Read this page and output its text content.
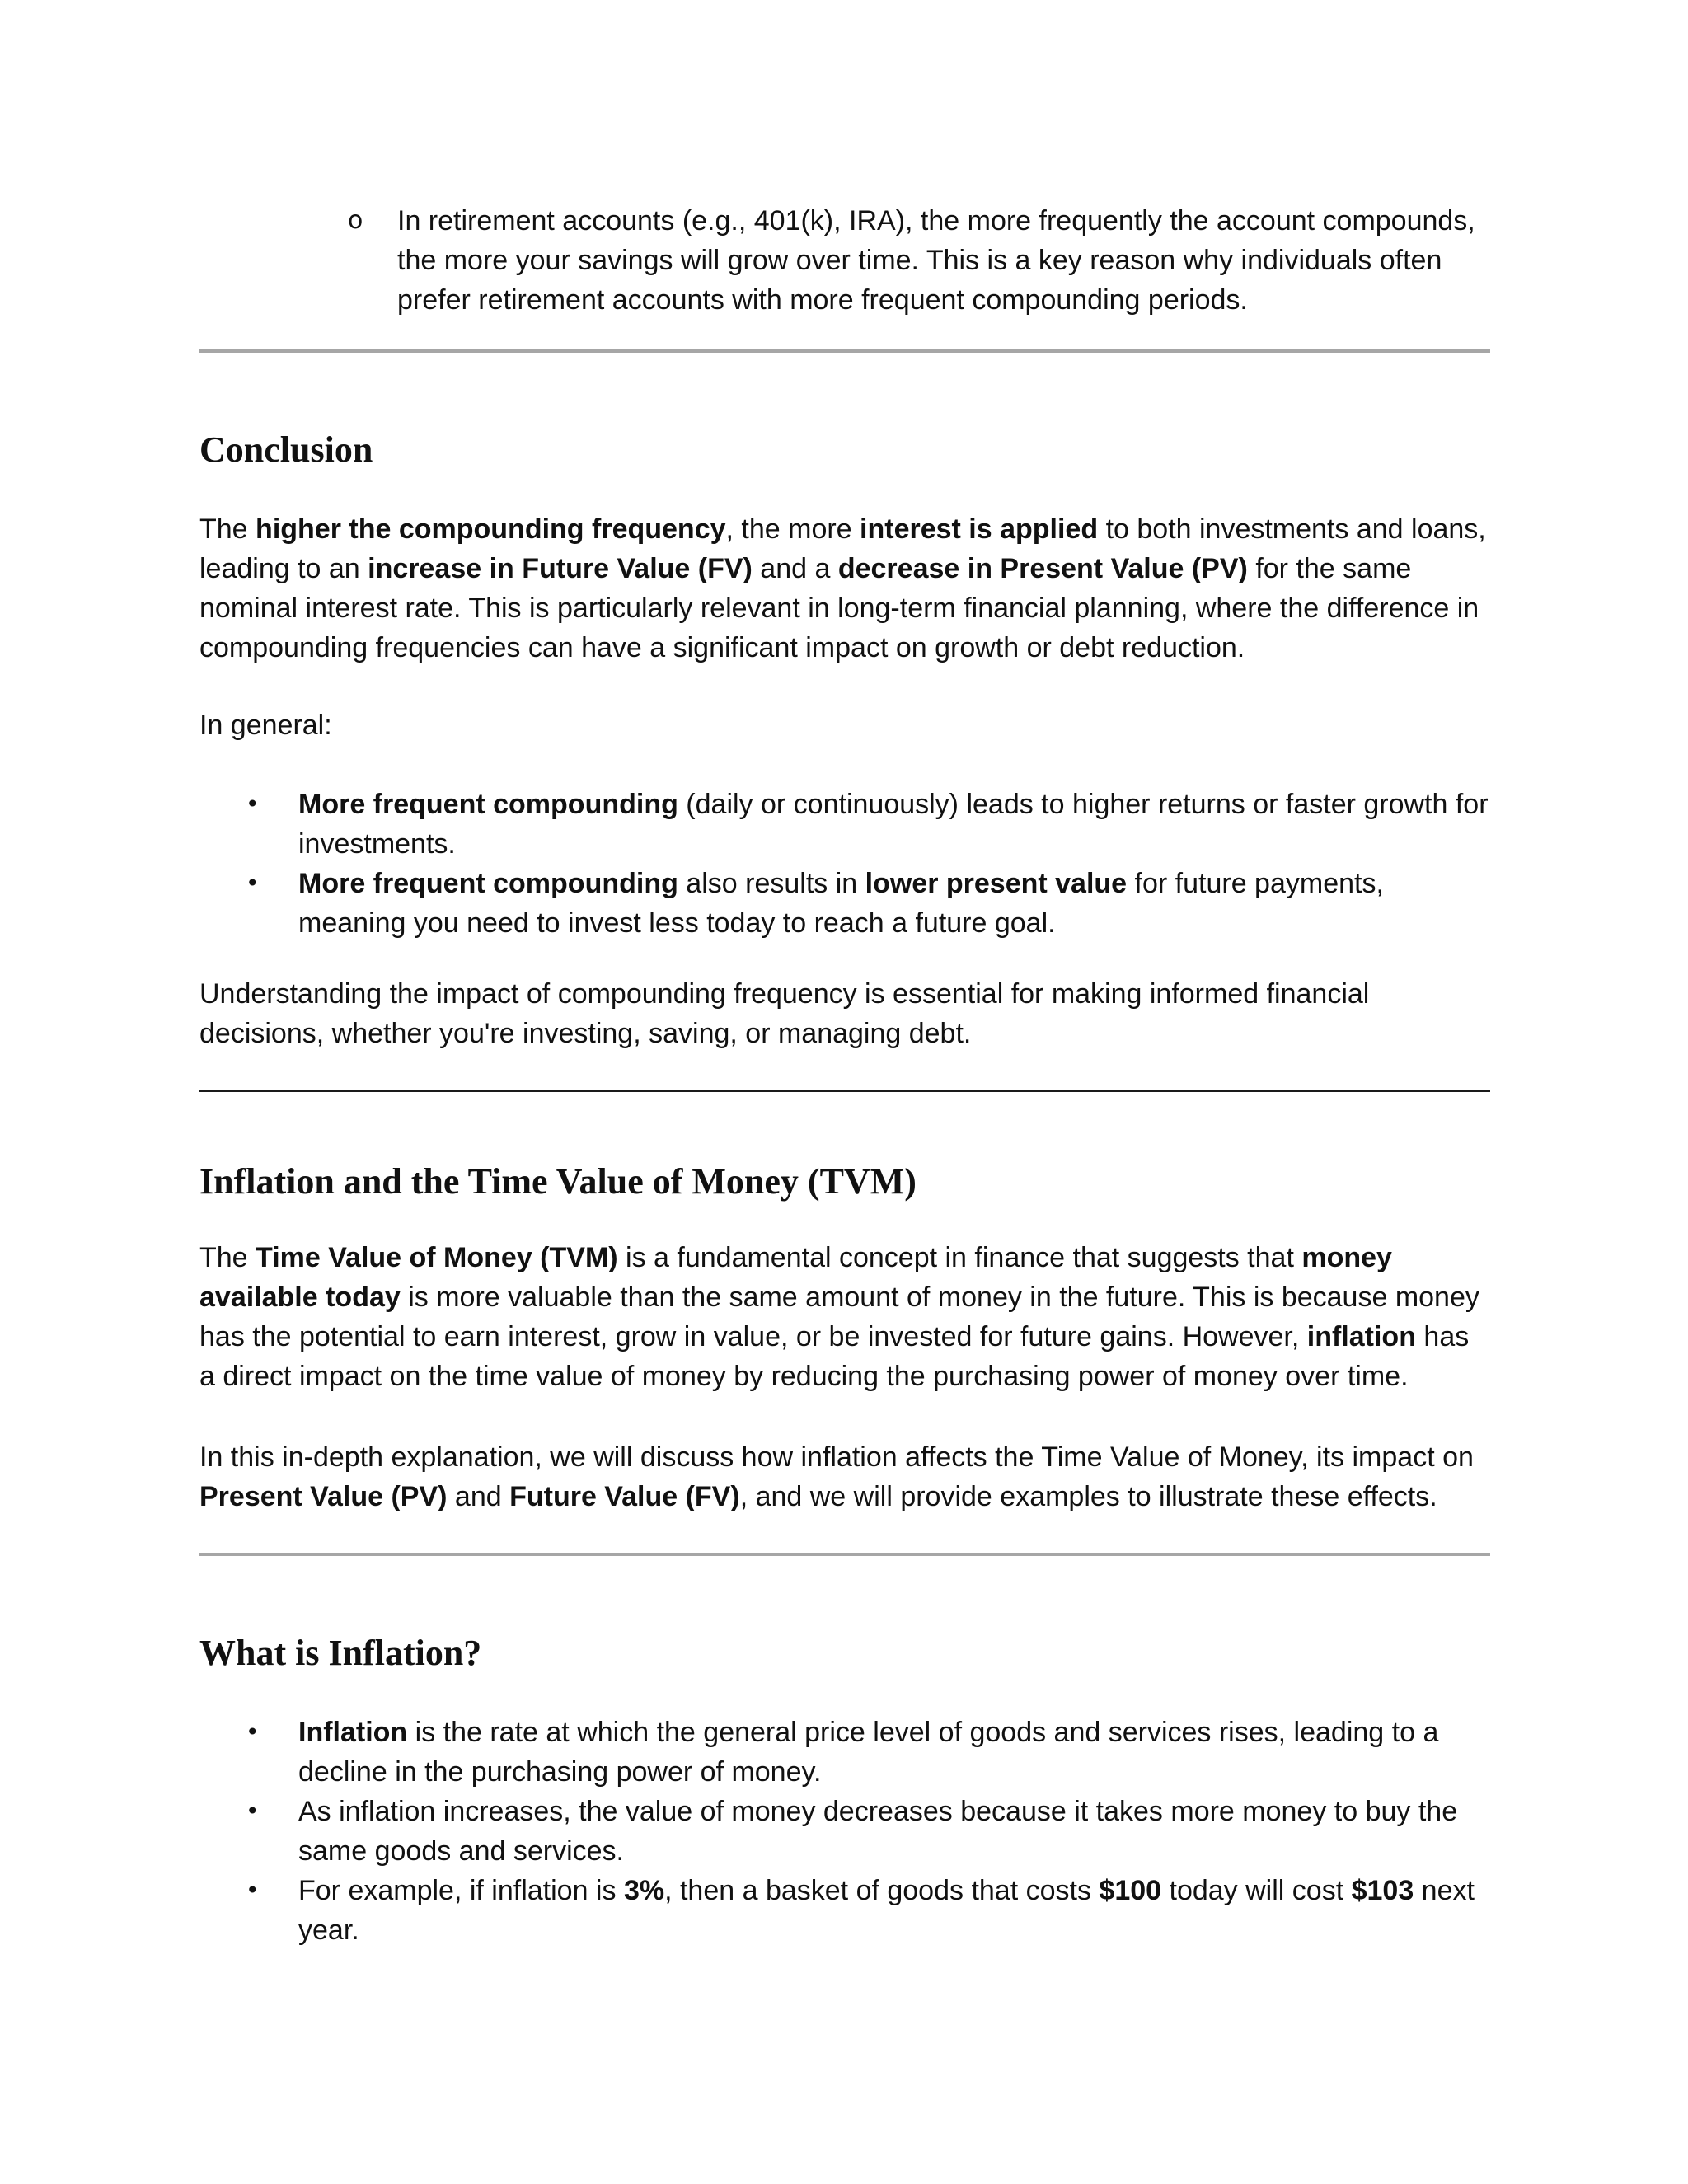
o In retirement accounts (e.g., 401(k), IRA), the more frequently the account compounds, the more your savings will grow over time. This is a key reason why individuals often prefer retirement accounts with more frequent compounding periods.
Conclusion

The higher the compounding frequency, the more interest is applied to both investments and loans, leading to an increase in Future Value (FV) and a decrease in Present Value (PV) for the same nominal interest rate. This is particularly relevant in long-term financial planning, where the difference in compounding frequencies can have a significant impact on growth or debt reduction.

In general:

• More frequent compounding (daily or continuously) leads to higher returns or faster growth for investments.
• More frequent compounding also results in lower present value for future payments, meaning you need to invest less today to reach a future goal.

Understanding the impact of compounding frequency is essential for making informed financial decisions, whether you're investing, saving, or managing debt.

Inflation and the Time Value of Money (TVM)

The Time Value of Money (TVM) is a fundamental concept in finance that suggests that money available today is more valuable than the same amount of money in the future. This is because money has the potential to earn interest, grow in value, or be invested for future gains. However, inflation has a direct impact on the time value of money by reducing the purchasing power of money over time.

In this in-depth explanation, we will discuss how inflation affects the Time Value of Money, its impact on Present Value (PV) and Future Value (FV), and we will provide examples to illustrate these effects.

What is Inflation?
• Inflation is the rate at which the general price level of goods and services rises, leading to a decline in the purchasing power of money.
• As inflation increases, the value of money decreases because it takes more money to buy the same goods and services.
• For example, if inflation is 3%, then a basket of goods that costs $100 today will cost $103 next year.
